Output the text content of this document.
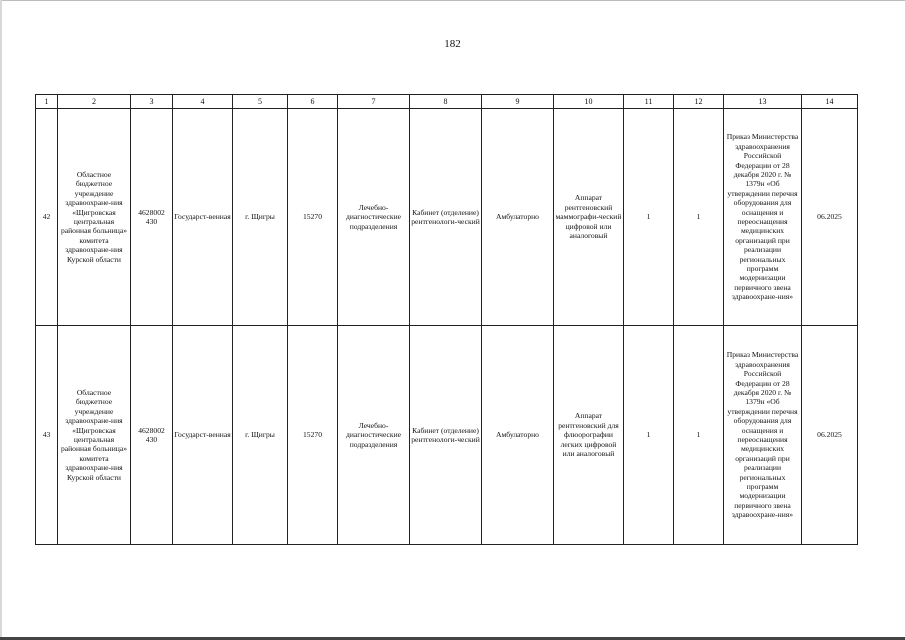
182
1	2	3	4	5	6	7	8	9	10	11	12	13	14
42	Областное бюджетное учреждение здравоохране-ния «Щигровская центральная районная больница» комитета здравоохране-ния Курской области	4628002 430	Государст-венная	г. Щигры	15270	Лечебно-диагностические подразделения	Кабинет (отделение) рентгенологи-ческий	Амбулаторно	Аппарат рентгеновский маммографи-ческий цифровой или аналоговый	1	1	Приказ Министерства здравоохранения Российской Федерации от 28 декабря 2020 г. № 1379н «Об утверждении перечня оборудования для оснащения и переоснащения медицинских организаций при реализации региональных программ модернизации первичного звена здравоохране-ния»	06.2025
43	Областное бюджетное учреждение здравоохране-ния «Щигровская центральная районная больница» комитета здравоохране-ния Курской области	4628002 430	Государст-венная	г. Щигры	15270	Лечебно-диагностические подразделения	Кабинет (отделение) рентгенологи-ческий	Амбулаторно	Аппарат рентгеновский для флюорографии легких цифровой или аналоговый	1	1	Приказ Министерства здравоохранения Российской Федерации от 28 декабря 2020 г. № 1379н «Об утверждении перечня оборудования для оснащения и переоснащения медицинских организаций при реализации региональных программ модернизации первичного звена здравоохране-ния»	06.2025
